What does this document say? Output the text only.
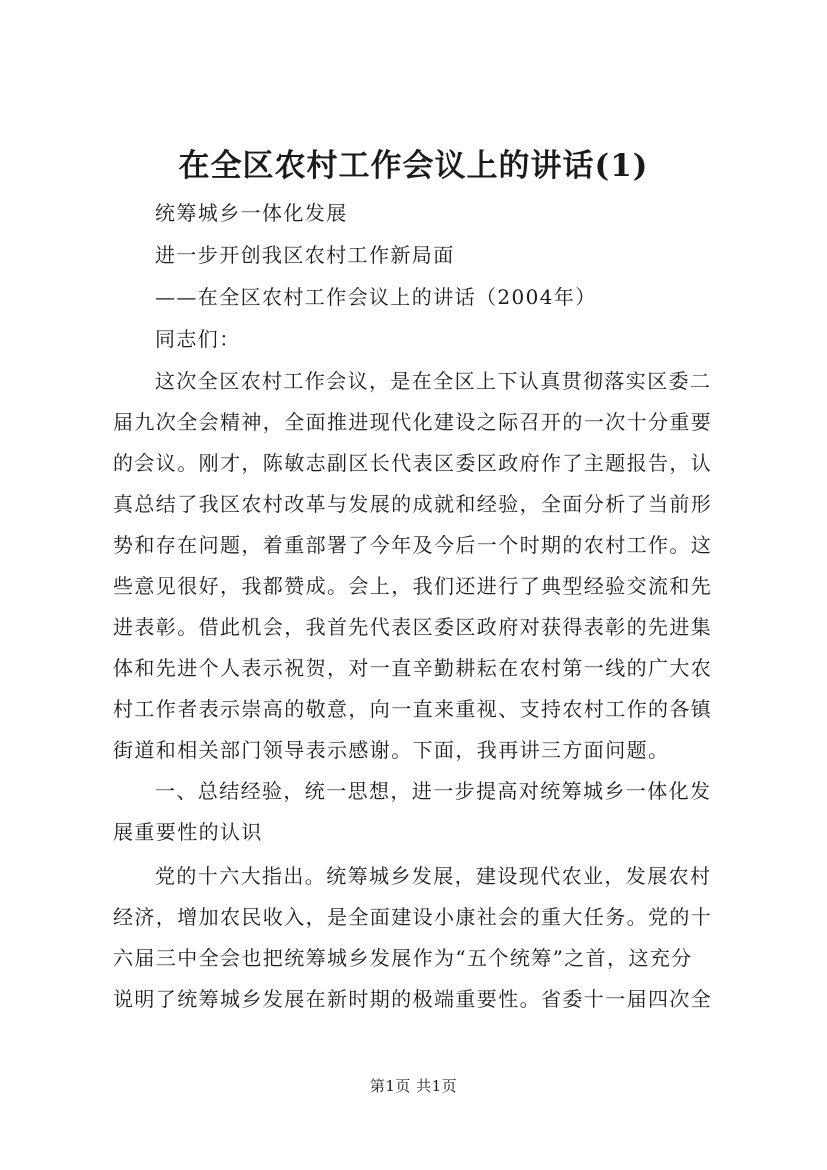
在全区农村工作会议上的讲话(1)
统筹城乡一体化发展
进一步开创我区农村工作新局面
——在全区农村工作会议上的讲话（2004年）
同志们：
这次全区农村工作会议，是在全区上下认真贯彻落实区委二
届九次全会精神，全面推进现代化建设之际召开的一次十分重要
的会议。刚才，陈敏志副区长代表区委区政府作了主题报告，认
真总结了我区农村改革与发展的成就和经验，全面分析了当前形
势和存在问题，着重部署了今年及今后一个时期的农村工作。这
些意见很好，我都赞成。会上，我们还进行了典型经验交流和先
进表彰。借此机会，我首先代表区委区政府对获得表彰的先进集
体和先进个人表示祝贺，对一直辛勤耕耘在农村第一线的广大农
村工作者表示崇高的敬意，向一直来重视、支持农村工作的各镇
街道和相关部门领导表示感谢。下面，我再讲三方面问题。
一、总结经验，统一思想，进一步提高对统筹城乡一体化发
展重要性的认识
党的十六大指出。统筹城乡发展，建设现代农业，发展农村
经济，增加农民收入，是全面建设小康社会的重大任务。党的十
六届三中全会也把统筹城乡发展作为“五个统筹”之首，这充分
说明了统筹城乡发展在新时期的极端重要性。省委十一届四次全
第1页 共1页
